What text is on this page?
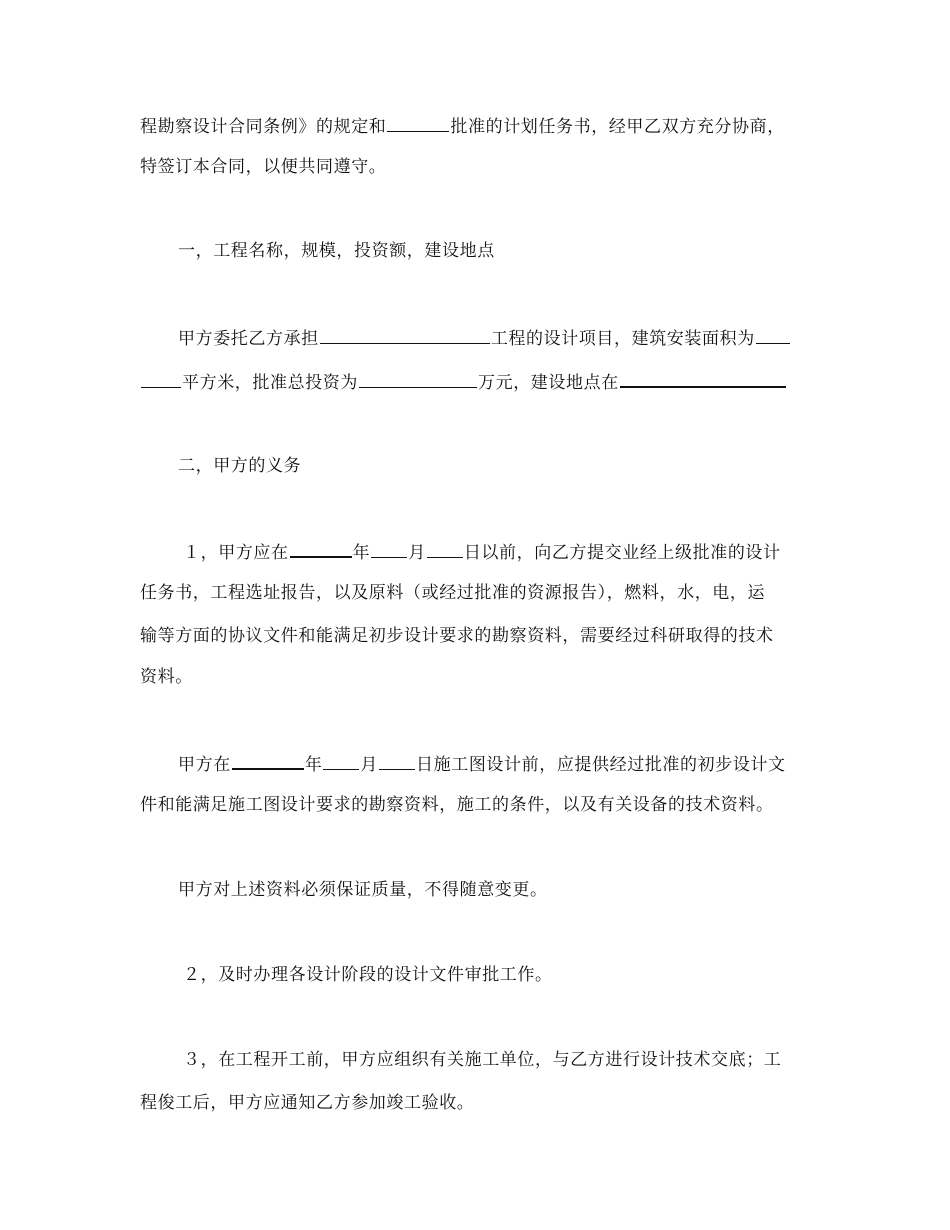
程勘察设计合同条例》的规定和	批准的计划任务书，经甲乙双方充分协商，
特签订本合同，以便共同遵守。
一，工程名称，规模，投资额，建设地点
甲方委托乙方承担	工程的设计项目，建筑安装面积为
平方米，批准总投资为	万元，建设地点在
二，甲方的义务
１，甲方应在	年 月 日以前，向乙方提交业经上级批准的设计
任务书，工程选址报告，以及原料（或经过批准的资源报告），燃料，水，电，运
输等方面的协议文件和能满足初步设计要求的勘察资料，需要经过科研取得的技术
资料。
甲方在	年 月 日施工图设计前，应提供经过批准的初步设计文
件和能满足施工图设计要求的勘察资料，施工的条件，以及有关设备的技术资料。
甲方对上述资料必须保证质量，不得随意变更。
２，及时办理各设计阶段的设计文件审批工作。
３，在工程开工前，甲方应组织有关施工单位，与乙方进行设计技术交底；工
程俊工后，甲方应通知乙方参加竣工验收。
